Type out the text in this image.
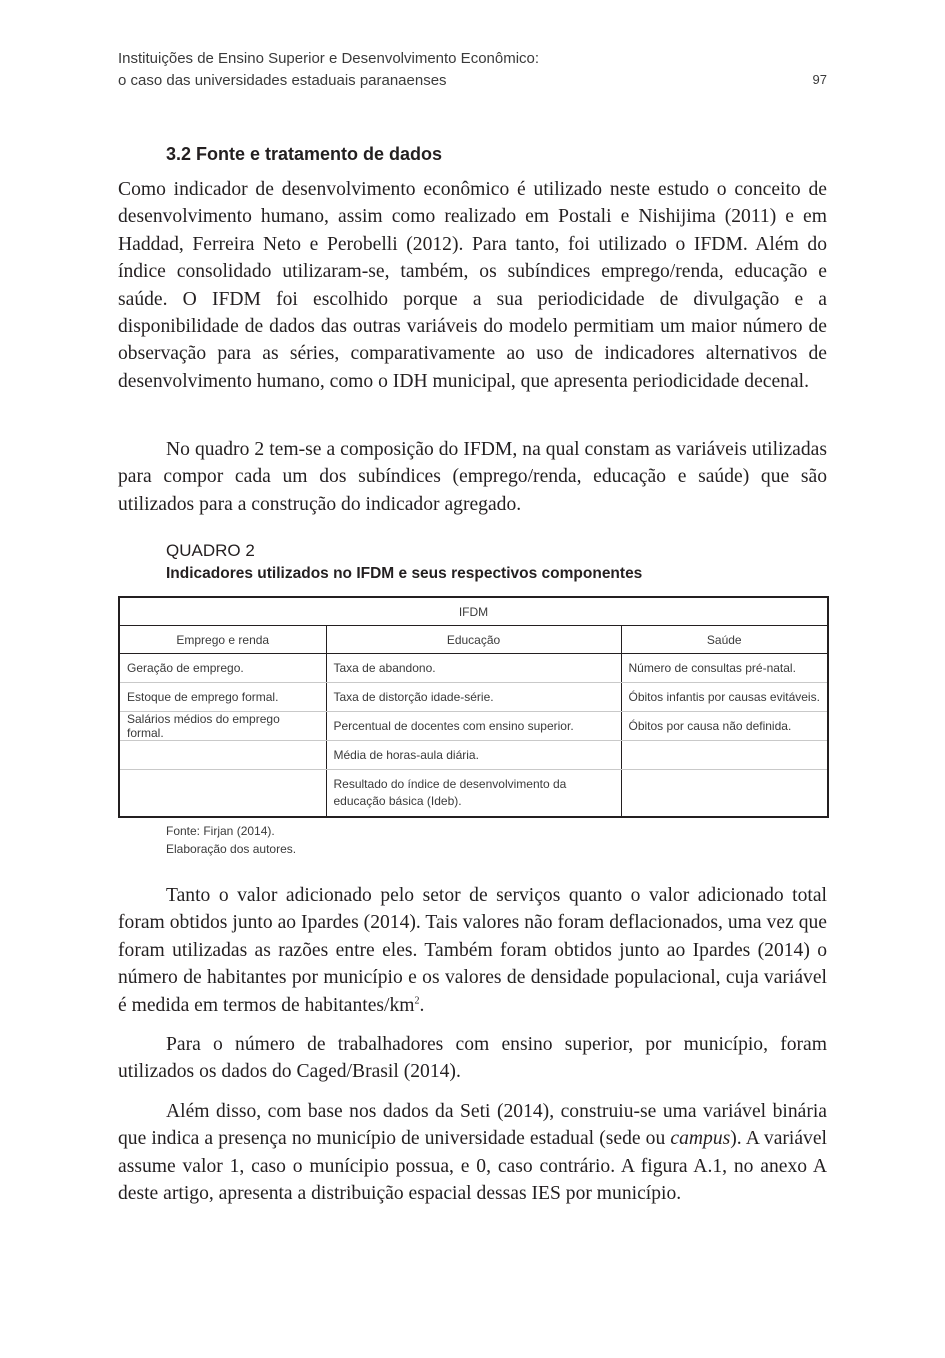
Instituições de Ensino Superior e Desenvolvimento Econômico:
o caso das universidades estaduais paranaenses	97
3.2 Fonte e tratamento de dados

Como indicador de desenvolvimento econômico é utilizado neste estudo o conceito de desenvolvimento humano, assim como realizado em Postali e Nishijima (2011) e em Haddad, Ferreira Neto e Perobelli (2012). Para tanto, foi utilizado o IFDM. Além do índice consolidado utilizaram-se, também, os subíndices emprego/renda, educação e saúde. O IFDM foi escolhido porque a sua periodicidade de divulgação e a disponibilidade de dados das outras variáveis do modelo permitiam um maior número de observação para as séries, comparativamente ao uso de indicadores alternativos de desenvolvimento humano, como o IDH municipal, que apresenta periodicidade decenal.

No quadro 2 tem-se a composição do IFDM, na qual constam as variáveis utilizadas para compor cada um dos subíndices (emprego/renda, educação e saúde) que são utilizados para a construção do indicador agregado.

QUADRO 2
Indicadores utilizados no IFDM e seus respectivos componentes
IFDM		
Emprego e renda	Educação	Saúde
Geração de emprego.	Taxa de abandono.	Número de consultas pré-natal.
Estoque de emprego formal.	Taxa de distorção idade-série.	Óbitos infantis por causas evitáveis.
Salários médios do emprego formal.	Percentual de docentes com ensino superior.	Óbitos por causa não definida.
	Média de horas-aula diária.	
	Resultado do índice de desenvolvimento da educação básica (Ideb).	
Fonte: Firjan (2014).
Elaboração dos autores.

Tanto o valor adicionado pelo setor de serviços quanto o valor adicionado total foram obtidos junto ao Ipardes (2014). Tais valores não foram deflacionados, uma vez que foram utilizadas as razões entre eles. Também foram obtidos junto ao Ipardes (2014) o número de habitantes por município e os valores de densidade populacional, cuja variável é medida em termos de habitantes/$km^2$.

Para o número de trabalhadores com ensino superior, por município, foram utilizados os dados do Caged/Brasil (2014).

Além disso, com base nos dados da Seti (2014), construiu-se uma variável binária que indica a presença no município de universidade estadual (sede ou campus). A variável assume valor 1, caso o munícipio possua, e 0, caso contrário. A figura A.1, no anexo A deste artigo, apresenta a distribuição espacial dessas IES por município.
